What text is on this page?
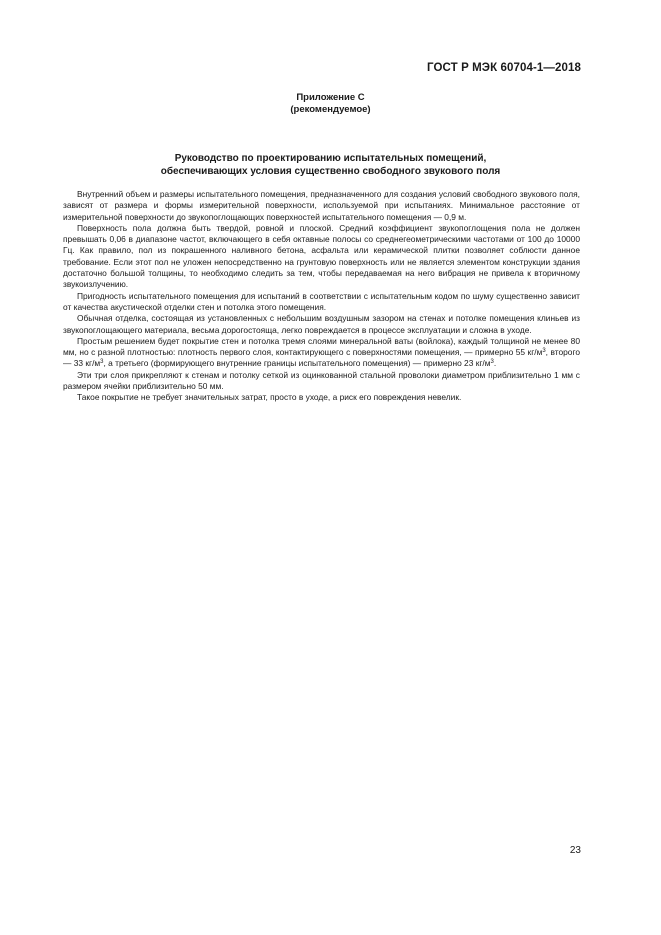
ГОСТ Р МЭК 60704-1—2018
Приложение С
(рекомендуемое)
Руководство по проектированию испытательных помещений,
обеспечивающих условия существенно свободного звукового поля

Внутренний объем и размеры испытательного помещения, предназначенного для создания условий свободного звукового поля, зависят от размера и формы измерительной поверхности, используемой при испытаниях. Минимальное расстояние от измерительной поверхности до звукопоглощающих поверхностей испытательного помещения — 0,9 м.

Поверхность пола должна быть твердой, ровной и плоской. Средний коэффициент звукопоглощения пола не должен превышать 0,06 в диапазоне частот, включающего в себя октавные полосы со среднегеометрическими частотами от 100 до 10000 Гц. Как правило, пол из покрашенного наливного бетона, асфальта или керамической плитки позволяет соблюсти данное требование. Если этот пол не уложен непосредственно на грунтовую поверхность или не является элементом конструкции здания достаточно большой толщины, то необходимо следить за тем, чтобы передаваемая на него вибрация не привела к вторичному звукоизлучению.

Пригодность испытательного помещения для испытаний в соответствии с испытательным кодом по шуму существенно зависит от качества акустической отделки стен и потолка этого помещения.

Обычная отделка, состоящая из установленных с небольшим воздушным зазором на стенах и потолке помещения клиньев из звукопоглощающего материала, весьма дорогостояща, легко повреждается в процессе эксплуатации и сложна в уходе.

Простым решением будет покрытие стен и потолка тремя слоями минеральной ваты (войлока), каждый толщиной не менее 80 мм, но с разной плотностью: плотность первого слоя, контактирующего с поверхностями помещения, — примерно 55 $кг/м^3$, второго — 33 $кг/м^3$, а третьего (формирующего внутренние границы испытательного помещения) — примерно 23 $кг/м^3$.

Эти три слоя прикрепляют к стенам и потолку сеткой из оцинкованной стальной проволоки диаметром приблизительно 1 мм с размером ячейки приблизительно 50 мм.

Такое покрытие не требует значительных затрат, просто в уходе, а риск его повреждения невелик.

23
